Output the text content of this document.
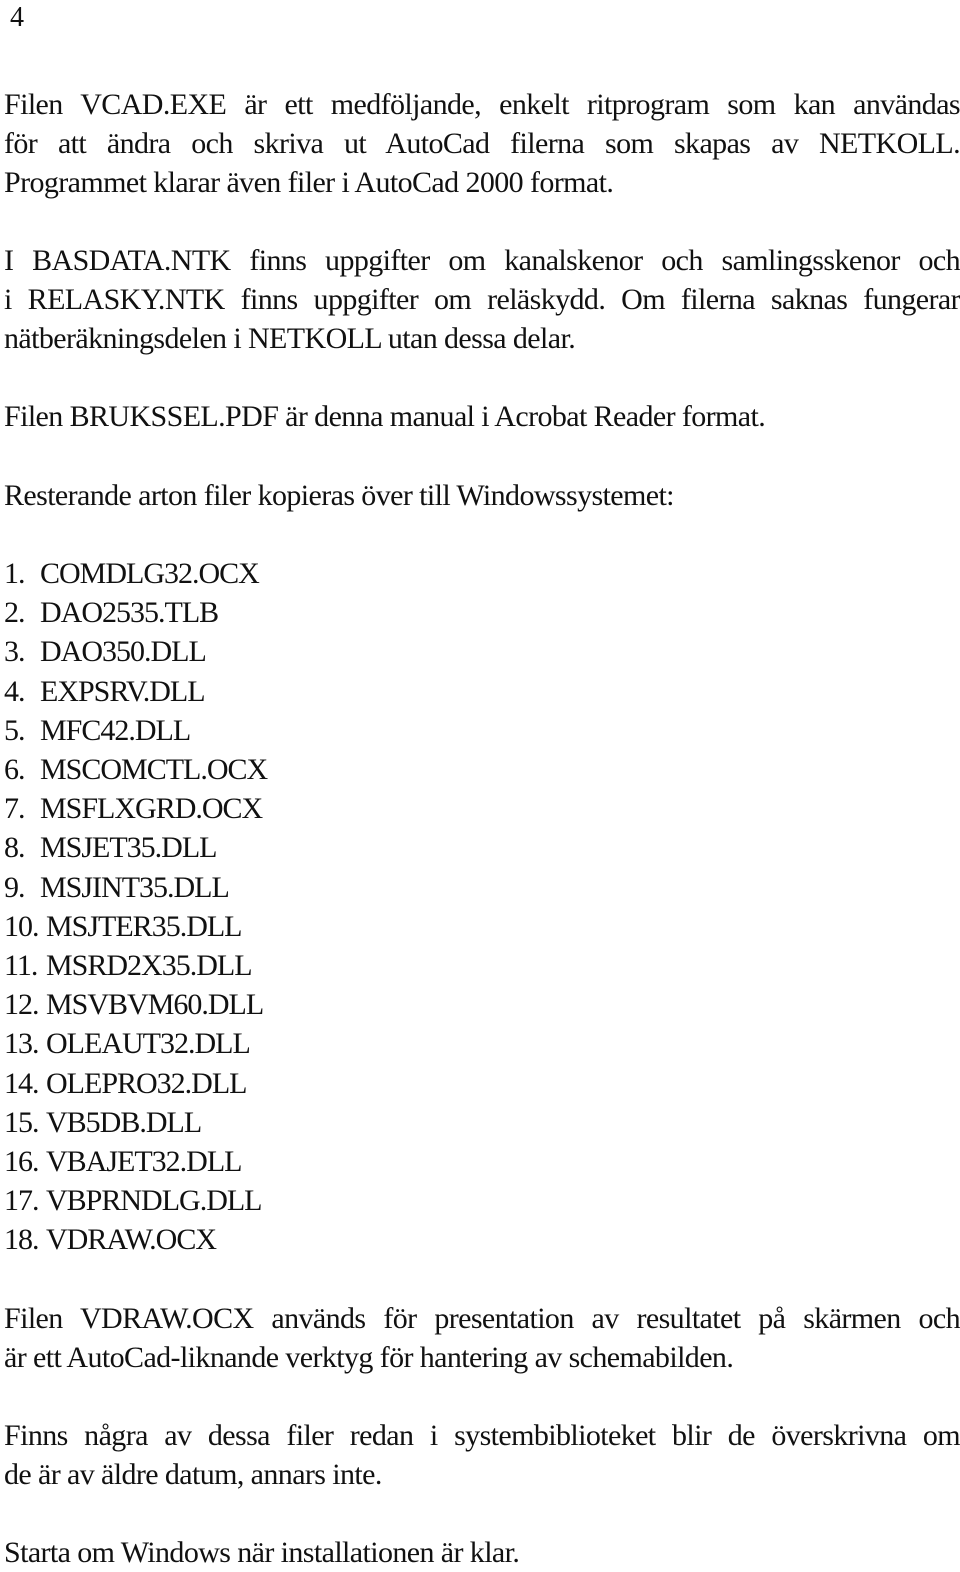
4

Filen VCAD.EXE är ett medföljande, enkelt ritprogram som kan användas
för att ändra och skriva ut AutoCad filerna som skapas av NETKOLL.
Programmet klarar även filer i AutoCad 2000 format.

I BASDATA.NTK finns uppgifter om kanalskenor och samlingsskenor och
i RELASKY.NTK finns uppgifter om reläskydd. Om filerna saknas fungerar
nätberäkningsdelen i NETKOLL utan dessa delar.

Filen BRUKSSEL.PDF är denna manual i Acrobat Reader format.

Resterande arton filer kopieras över till Windowssystemet:

1. COMDLG32.OCX
2. DAO2535.TLB
3. DAO350.DLL
4. EXPSRV.DLL
5. MFC42.DLL
6. MSCOMCTL.OCX
7. MSFLXGRD.OCX
8. MSJET35.DLL
9. MSJINT35.DLL
10. MSJTER35.DLL
11. MSRD2X35.DLL
12. MSVBVM60.DLL
13. OLEAUT32.DLL
14. OLEPRO32.DLL
15. VB5DB.DLL
16. VBAJET32.DLL
17. VBPRNDLG.DLL
18. VDRAW.OCX

Filen VDRAW.OCX används för presentation av resultatet på skärmen och
är ett AutoCad-liknande verktyg för hantering av schemabilden.

Finns några av dessa filer redan i systembiblioteket blir de överskrivna om
de är av äldre datum, annars inte.

Starta om Windows när installationen är klar.
